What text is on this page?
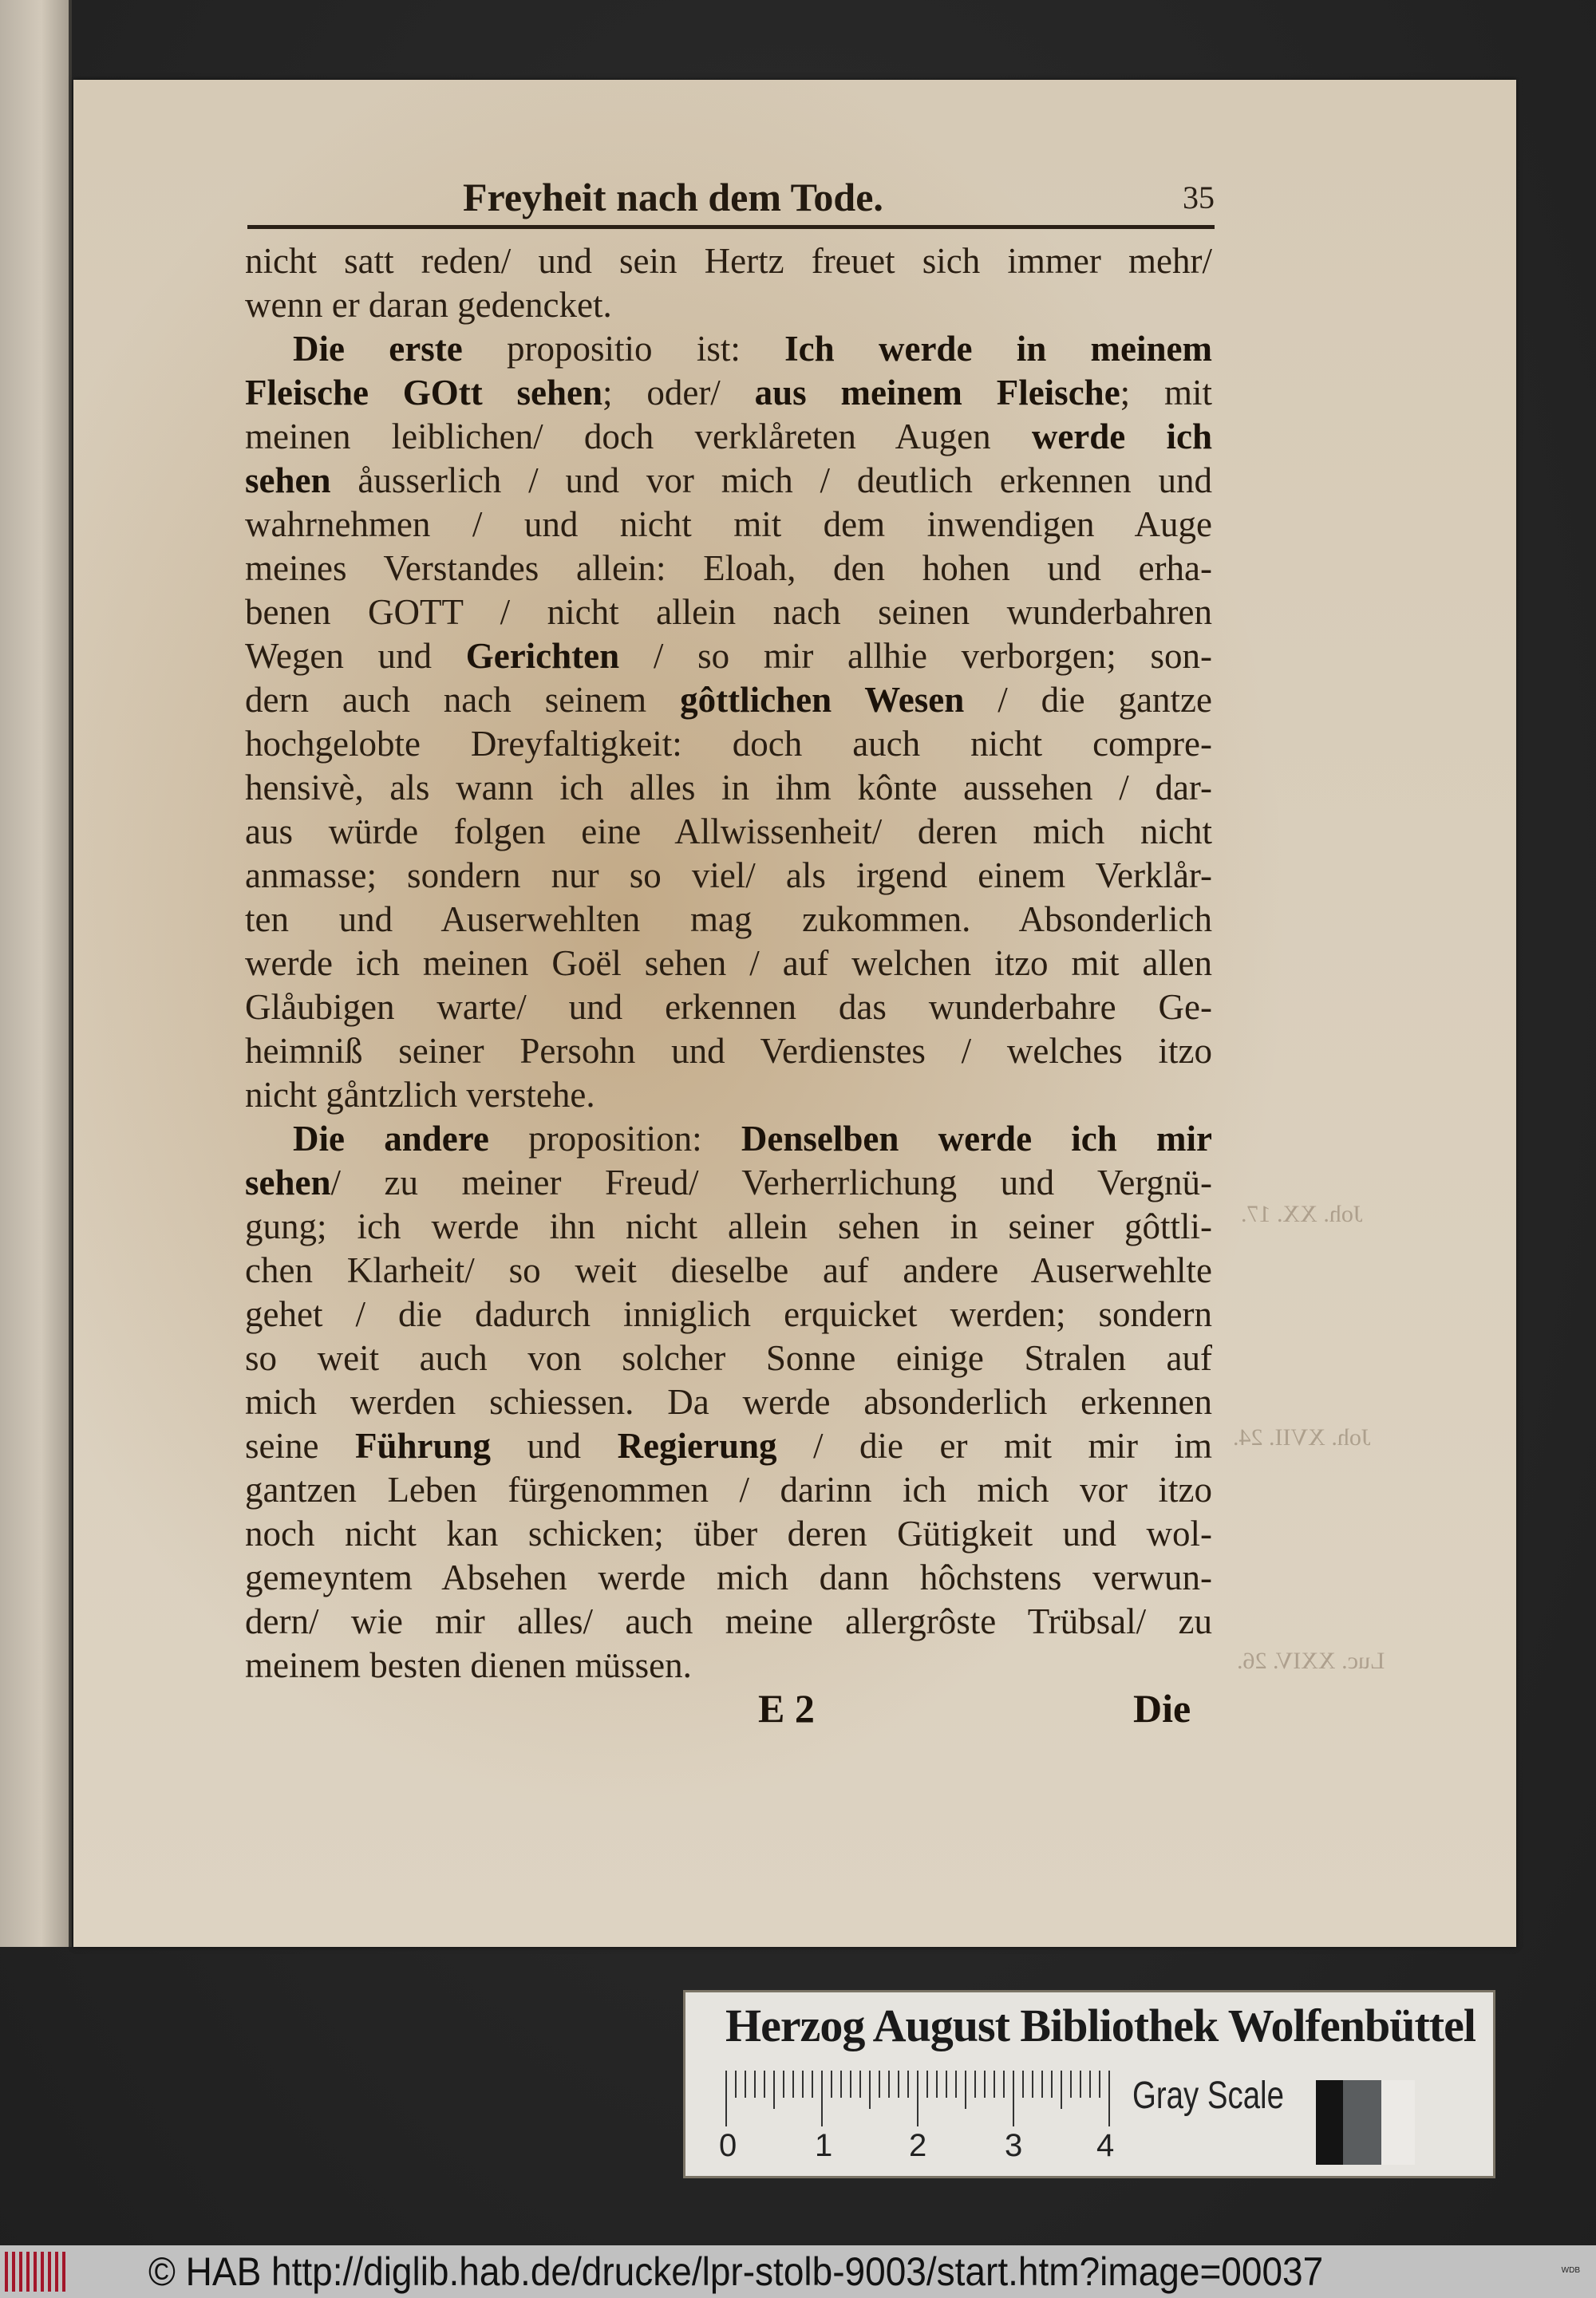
Freyheit nach dem Tode.	35
nicht satt reden/ und sein Hertz freuet sich immer mehr/
wenn er daran gedencket.
Die erste propositio ist: Ich werde in meinem
Fleische GOtt sehen; oder/ aus meinem Fleische; mit
meinen leiblichen/ doch verklåreten Augen werde ich
sehen åusserlich / und vor mich / deutlich erkennen und
wahrnehmen / und nicht mit dem inwendigen Auge
meines Verstandes allein: Eloah, den hohen und erha-
benen GOTT / nicht allein nach seinen wunderbahren
Wegen und Gerichten / so mir allhie verborgen; son-
dern auch nach seinem gôttlichen Wesen / die gantze
hochgelobte Dreyfaltigkeit: doch auch nicht compre-
hensivè, als wann ich alles in ihm kônte aussehen / dar-
aus würde folgen eine Allwissenheit/ deren mich nicht
anmasse; sondern nur so viel/ als irgend einem Verklår-
ten und Auserwehlten mag zukommen. Absonderlich
werde ich meinen Goël sehen / auf welchen itzo mit allen
Glåubigen warte/ und erkennen das wunderbahre Ge-
heimniß seiner Persohn und Verdienstes / welches itzo
nicht gåntzlich verstehe.
Die andere proposition: Denselben werde ich mir
sehen/ zu meiner Freud/ Verherrlichung und Vergnü-
gung; ich werde ihn nicht allein sehen in seiner gôttli-
chen Klarheit/ so weit dieselbe auf andere Auserwehlte
gehet / die dadurch inniglich erquicket werden; sondern
so weit auch von solcher Sonne einige Stralen auf
mich werden schiessen. Da werde absonderlich erkennen
seine Führung und Regierung / die er mit mir im
gantzen Leben fürgenommen / darinn ich mich vor itzo
noch nicht kan schicken; über deren Gütigkeit und wol-
gemeyntem Absehen werde mich dann hôchstens verwun-
dern/ wie mir alles/ auch meine allergrôste Trübsal/ zu
meinem besten dienen müssen.
E 2	Die
Joh. XX. 17.
Joh. XVII. 24.
Luc. XXIV. 26.
Herzog August Bibliothek Wolfenbüttel
0 1 2 3 4
Gray Scale
© HAB http://diglib.hab.de/drucke/lpr-stolb-9003/start.htm?image=00037	WDB
